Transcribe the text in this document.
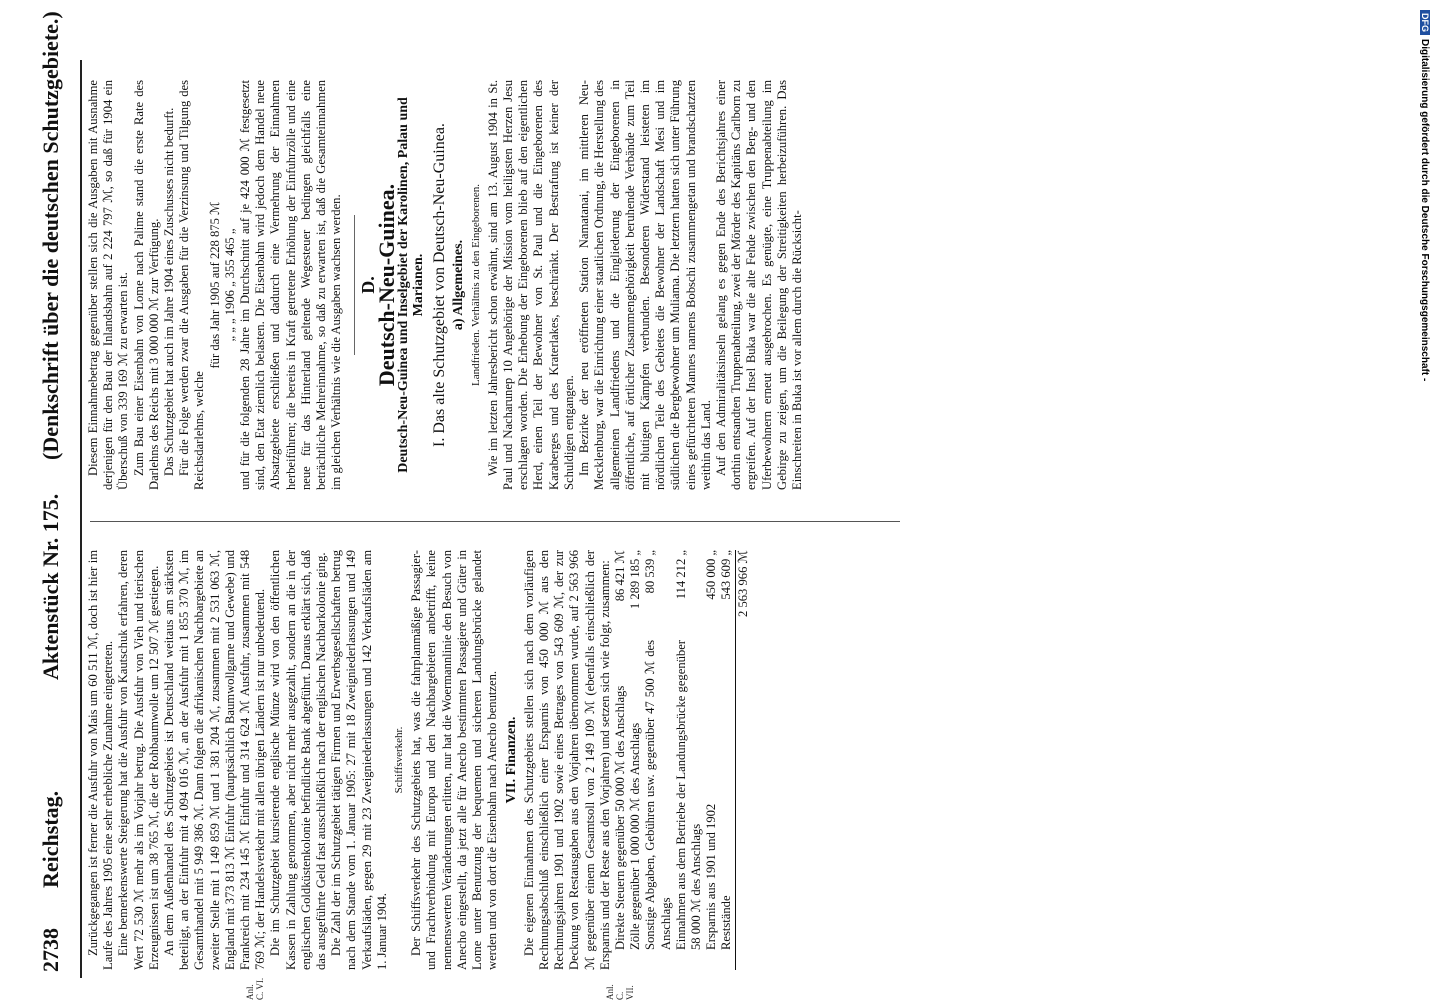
2738
Reichstag.
Aktenstück Nr. 175.
(Denkschrift über die deutschen Schutzgebiete.)
Anl. C. VI.	Anl. C. VII.

Zurückgegangen ist ferner die Ausfuhr von Mais um 60 511 ℳ, doch ist hier im Laufe des Jahres 1905 eine sehr erhebliche Zunahme eingetreten. Eine bemerkenswerte Steigerung hat die Ausfuhr von Kautschuk erfahren, deren Wert 72 530 ℳ mehr als im Vorjahr betrug. Die Ausfuhr von Vieh und tierischen Erzeugnissen ist um 38 765 ℳ, die der Rohbaumwolle um 12 507 ℳ gestiegen. An dem Außenhandel des Schutzgebiets ist Deutschland weitaus am stärksten beteiligt, an der Einfuhr mit 4 094 016 ℳ, an der Ausfuhr mit 1 855 370 ℳ, im Gesamthandel mit 5 949 386 ℳ. Dann folgen die afrikanischen Nachbargebiete an zweiter Stelle mit 1 149 859 ℳ und 1 381 204 ℳ, zusammen mit 2 531 063 ℳ, England mit 373 813 ℳ Einfuhr (hauptsächlich Baumwollgarne und Gewebe) und Frankreich mit 234 145 ℳ Einfuhr und 314 624 ℳ Ausfuhr, zusammen mit 548 769 ℳ; der Handelsverkehr mit allen übrigen Ländern ist nur unbedeutend. Die im Schutzgebiet kursierende englische Münze wird von den öffentlichen Kassen in Zahlung genommen, aber nicht mehr ausgezahlt, sondern an die in der englischen Goldküstenkolonie befindliche Bank abgeführt. Daraus erklärt sich, daß das ausgeführte Geld fast ausschließlich nach der englischen Nachbarkolonie ging. Die Zahl der im Schutzgebiet tätigen Firmen und Erwerbsgesellschaften betrug nach dem Stande vom 1. Januar 1905: 27 mit 18 Zweigniederlassungen und 149 Verkaufsläden, gegen 29 mit 23 Zweigniederlassungen und 142 Verkaufsläden am 1. Januar 1904.

Schiffsverkehr. Der Schiffsverkehr des Schutzgebiets hat, was die fahrplanmäßige Passagier- und Frachtverbindung mit Europa und den Nachbargebieten anbetrifft, keine nennenswerten Veränderungen erlitten, nur hat die Woermannlinie den Besuch von Anecho eingestellt, da jetzt alle für Anecho bestimmten Passagiere und Güter in Lome unter Benutzung der bequemen und sicheren Landungsbrücke gelandet werden und von dort die Eisenbahn nach Anecho benutzen. VII. Finanzen. Die eigenen Einnahmen des Schutzgebiets stellen sich nach dem vorläufigen Rechnungsabschluß einschließlich einer Ersparnis von 450 000 ℳ aus den Rechnungsjahren 1901 und 1902 sowie eines Betrages von 543 609 ℳ, der zur Deckung von Restausgaben aus den Vorjahren übernommen wurde, auf 2 563 966 ℳ gegenüber einem Gesamtsoll von 2 149 109 ℳ (ebenfalls einschließlich der Ersparnis und der Reste aus den Vorjahren) und setzen sich wie folgt, zusammen: Direkte Steuern gegenüber 50 000 ℳ des Anschlags
86 421 ℳ
Zölle gegenüber 1 000 000 ℳ des Anschlags
1 289 185 „
Sonstige Abgaben, Gebühren usw. gegenüber 47 500 ℳ des Anschlags
80 539 „
Einnahmen aus dem Betriebe der Landungsbrücke gegenüber 58 000 ℳ des Anschlags
114 212 „
Ersparnis aus 1901 und 1902
450 000 „
Reststände
543 609 „ 2 563 966 ℳ

Diesem Einnahmebetrag gegenüber stellen sich die Ausgaben mit Ausnahme derjenigen für den Bau der Inlandsbahn auf 2 224 797 ℳ, so daß für 1904 ein Überschuß von 339 169 ℳ zu erwarten ist. Zum Bau einer Eisenbahn von Lome nach Palime stand die erste Rate des Darlehns des Reichs mit 3 000 000 ℳ zur Verfügung. Das Schutzgebiet hat auch im Jahre 1904 eines Zuschusses nicht bedurft. Für die Folge werden zwar die Ausgaben für die Verzinsung und Tilgung des Reichsdarlehns, welche

für das Jahr 1905 auf 228 875 ℳ „ „ „ 1906 „ 355 465 „ und für die folgenden 28 Jahre im Durchschnitt auf je 424 000 ℳ festgesetzt sind, den Etat ziemlich belasten. Die Eisenbahn wird jedoch dem Handel neue Absatzgebiete erschließen und dadurch eine Vermehrung der Einnahmen herbeiführen; die bereits in Kraft getretene Erhöhung der Einfuhrzölle und eine neue für das Hinterland geltende Wegesteuer bedingen gleichfalls eine beträchtliche Mehreinnahme, so daß zu erwarten ist, daß die Gesamteinnahmen im gleichen Verhältnis wie die Ausgaben wachsen werden. D.

Deutsch-Neu-Guinea.

Deutsch-Neu-Guinea und Inselgebiet der Karolinen, Palau und Marianen. I. Das alte Schutzgebiet von Deutsch-Neu-Guinea. a) Allgemeines. Landfrieden. Verhältnis zu den Eingeborenen. Wie im letzten Jahresbericht schon erwähnt, sind am 13. August 1904 in St. Paul und Nacharunep 10 Angehörige der Mission vom heiligsten Herzen Jesu erschlagen worden. Die Erhebung der Eingeborenen blieb auf den eigentlichen Herd, einen Teil der Bewohner von St. Paul und die Eingeborenen des Karaberges und des Kraterlakes, beschränkt. Der Bestrafung ist keiner der Schuldigen entgangen. Im Bezirke der neu eröffneten Station Namatanai, im mittleren Neu-Mecklenburg, war die Einrichtung einer staatlichen Ordnung, die Herstellung des allgemeinen Landfriedens und die Eingliederung der Eingeborenen in öffentliche, auf örtlicher Zusammengehörigkeit beruhende Verbände zum Teil mit blutigen Kämpfen verbunden. Besonderen Widerstand leisteten im nördlichen Teile des Gebietes die Bewohner der Landschaft Mesi und im südlichen die Bergbewohner um Muliama. Die letztern hatten sich unter Führung eines gefürchteten Mannes namens Bobschi zusammengetan und brandschatzten weithin das Land. Auf den Admiralitätsinseln gelang es gegen Ende des Berichtsjahres einer dorthin entsandten Truppenabteilung, zwei der Mörder des Kapitäns Carlborn zu ergreifen. Auf der Insel Buka war die alte Fehde zwischen den Berg- und den Uferbewohnern erneut ausgebrochen. Es genügte, eine Truppenabteilung im Gebirge zu zeigen, um die Beilegung der Streitigkeiten herbeizuführen. Das Einschreiten in Buka ist vor allem durch die Rücksicht-

DFGDigitalisierung gefördert durch die Deutsche Forschungsgemeinschaft -
